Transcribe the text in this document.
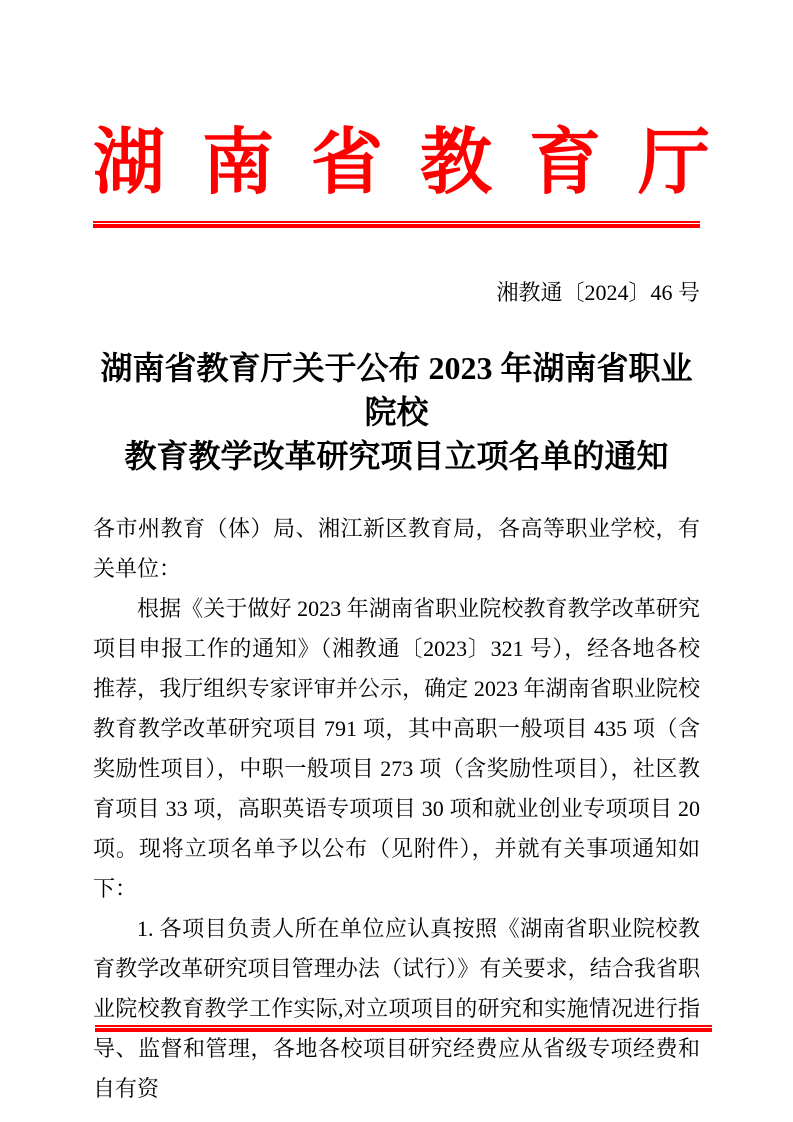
湖南省教育厅
湘教通〔2024〕46 号
湖南省教育厅关于公布 2023 年湖南省职业院校
教育教学改革研究项目立项名单的通知

各市州教育（体）局、湘江新区教育局，各高等职业学校，有关单位：

根据《关于做好 2023 年湖南省职业院校教育教学改革研究项目申报工作的通知》（湘教通〔2023〕321 号），经各地各校推荐，我厅组织专家评审并公示，确定 2023 年湖南省职业院校教育教学改革研究项目 791 项，其中高职一般项目 435 项（含奖励性项目），中职一般项目 273 项（含奖励性项目），社区教育项目 33 项，高职英语专项项目 30 项和就业创业专项项目 20 项。现将立项名单予以公布（见附件），并就有关事项通知如下：

1. 各项目负责人所在单位应认真按照《湖南省职业院校教育教学改革研究项目管理办法（试行）》有关要求，结合我省职业院校教育教学工作实际,对立项项目的研究和实施情况进行指导、监督和管理，各地各校项目研究经费应从省级专项经费和自有资
